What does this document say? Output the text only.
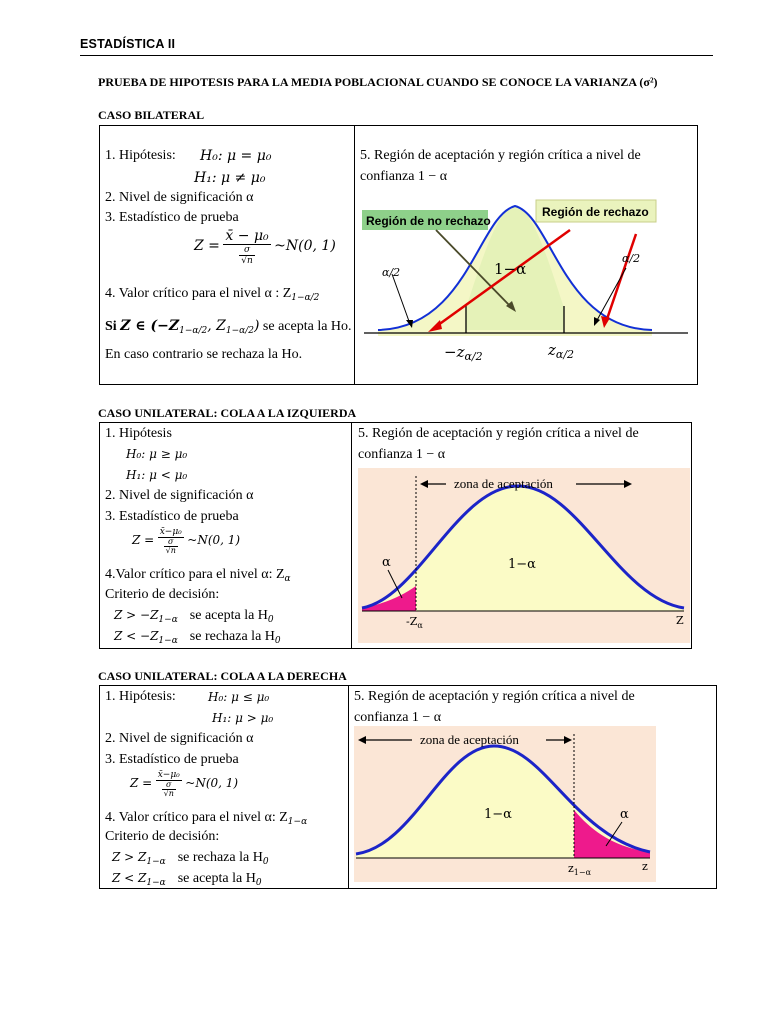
ESTADÍSTICA II
PRUEBA DE HIPOTESIS PARA LA MEDIA POBLACIONAL CUANDO SE CONOCE LA VARIANZA (σ²)
CASO BILATERAL
1. Hipótesis: H₀: μ = μ₀
H₁: μ ≠ μ₀
2. Nivel de significación α
3. Estadístico de prueba
$Z = \frac{\text{x̄ − μ₀}}{\frac{\sigma}{√n}}$ ~N(0, 1)
4. Valor crítico para el nivel α : $Z_{1-\alpha/2}$
Si Z ∈ ($-Z_{1-\alpha/2}$, $Z_{1-\alpha/2}$) se acepta la Ho.
En caso contrario se rechaza la Ho.
5. Región de aceptación y región crítica a nivel de
confianza 1 − α
Región de no rechazo
Región de rechazo
α/2
α/2
1−α
$-z_{\alpha/2}$	$z_{\alpha/2}$
CASO UNILATERAL: COLA A LA IZQUIERDA
1. Hipótesis
H₀: μ ≥ μ₀
H₁: μ < μ₀
2. Nivel de significación α
3. Estadístico de prueba
$Z = \frac{\text{x̄−μ₀}}{\frac{\sigma}{√n}}$ ~N(0, 1)
4.Valor crítico para el nivel α: $Z_\alpha$
Criterio de decisión:
$Z > -Z_{1-\alpha}$ se acepta la $H_0$
$Z < -Z_{1-\alpha}$ se rechaza la $H_0$
5. Región de aceptación y región crítica a nivel de
confianza 1 − α
zona de aceptación
α	1−α
$-Z_\alpha$	Z
CASO UNILATERAL: COLA A LA DERECHA
1. Hipótesis:	H₀: μ ≤ μ₀
H₁: μ > μ₀
2. Nivel de significación α
3. Estadístico de prueba
$Z = \frac{\text{x̄−μ₀}}{\frac{\sigma}{√n}}$ ~N(0, 1)
4. Valor crítico para el nivel α: $Z_{1-\alpha}$
Criterio de decisión:
$Z > Z_{1-\alpha}$ se rechaza la $H_0$
$Z < Z_{1-\alpha}$ se acepta la $H_0$
5. Región de aceptación y región crítica a nivel de
confianza 1 − α
zona de aceptación
α
1−α
$z_{1-\alpha}$	z
